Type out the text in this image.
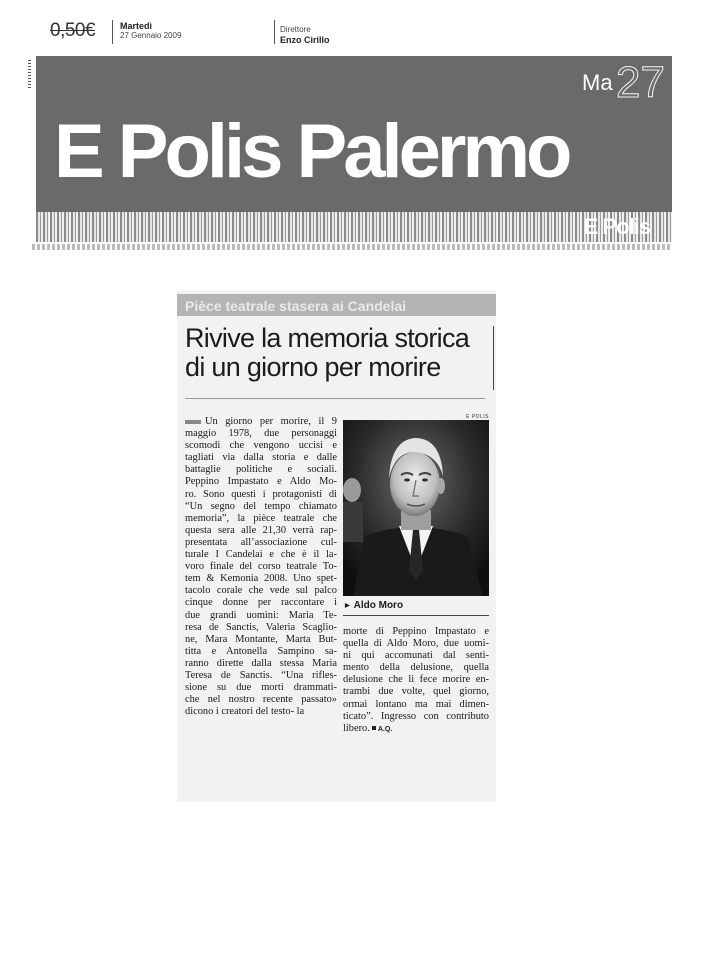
0,50€	Martedì
27 Gennaio 2009
Direttore
Enzo Cirillo
Ma 27
E Polis Palermo
E Polis
Pièce teatrale stasera ai Candelai
Rivive la memoria storica
di un giorno per morire

Un giorno per morire, il 9

maggio 1978, due personaggi

scomodi che vengono uccisi e

tagliati via dalla storia e dalle

battaglie politiche e sociali.

Peppino Impastato e Aldo Mo-

ro. Sono questi i protagonisti di

“Un segno del tempo chiamato

memoria”, la pièce teatrale che

questa sera alle 21,30 verrà rap-

presentata all’associazione cul-

turale I Candelai e che è il la-

voro finale del corso teatrale To-

tem & Kemonia 2008. Uno spet-

tacolo corale che vede sul palco

cinque donne per raccontare i

due grandi uomini: Maria Te-

resa de Sanctis, Valeria Scaglio-

ne, Mara Montante, Marta But-

titta e Antonella Sampino sa-

ranno dirette dalla stessa Maria

Teresa de Sanctis. “Una rifles-

sione su due morti drammati-

che nel nostro recente passato»

dicono i creatori del testo- la

E POLIS
▶ Aldo Moro

morte di Peppino Impastato e

quella di Aldo Moro, due uomi-

ni qui accomunati dal senti-

mento della delusione, quella

delusione che li fece morire en-

trambi due volte, quel giorno,

ormai lontano ma mai dimen-

ticato”. Ingresso con contributo

libero. A.Q.
